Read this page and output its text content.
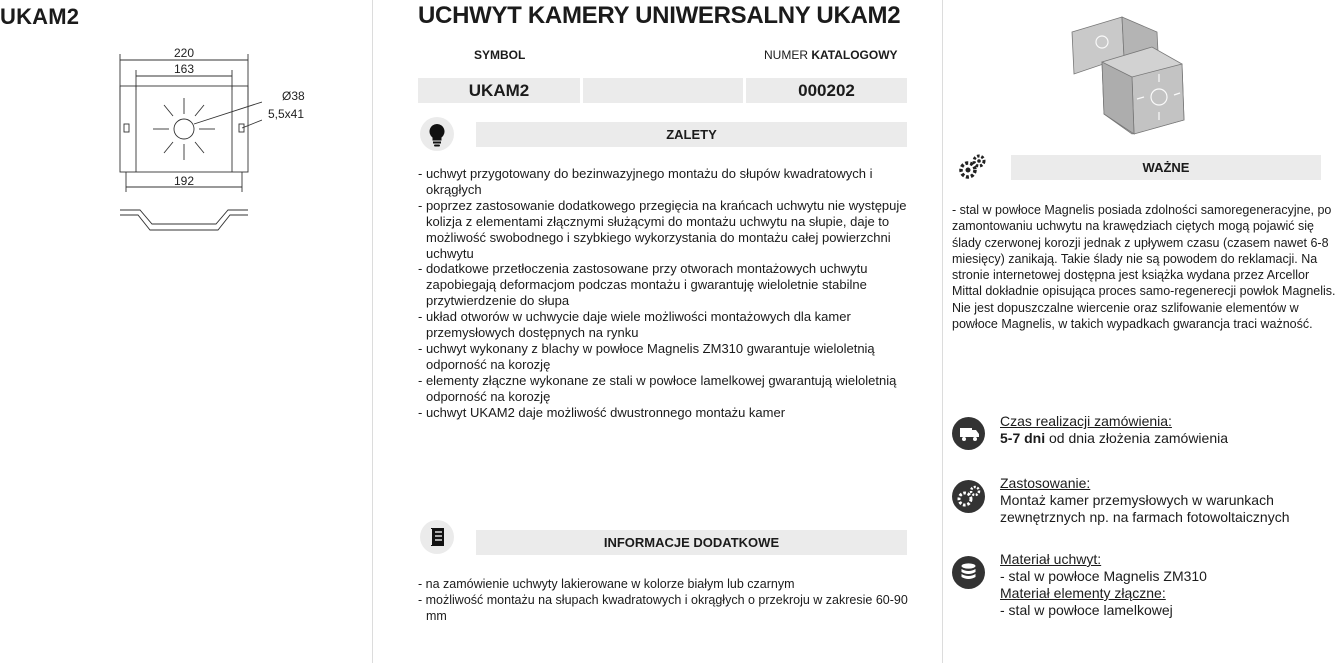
UKAM2
220
163
192
Ø38
5,5x41
UCHWYT KAMERY UNIWERSALNY UKAM2
SYMBOL	NUMER KATALOGOWY
UKAM2	000202
ZALETY
- uchwyt przygotowany do bezinwazyjnego montażu do słupów kwadratowych i okrągłych
- poprzez zastosowanie dodatkowego przegięcia na krańcach uchwytu nie występuje kolizja z elementami złącznymi służącymi do montażu uchwytu na słupie, daje to możliwość swobodnego i szybkiego wykorzystania do montażu całej powierzchni uchwytu
- dodatkowe przetłoczenia zastosowane przy otworach montażowych uchwytu zapobiegają deformacjom podczas montażu i gwarantuję wieloletnie stabilne przytwierdzenie do słupa
- układ otworów w uchwycie daje wiele możliwości montażowych dla kamer przemysłowych dostępnych na rynku
- uchwyt wykonany z blachy w powłoce Magnelis ZM310 gwarantuje wieloletnią odporność na korozję
- elementy złączne wykonane ze stali w powłoce lamelkowej gwarantują wieloletnią odporność na korozję
- uchwyt UKAM2 daje możliwość dwustronnego montażu kamer
INFORMACJE DODATKOWE
- na zamówienie uchwyty lakierowane w kolorze białym lub czarnym
- możliwość montażu na słupach kwadratowych i okrągłych o przekroju w zakresie 60-90 mm
WAŻNE
- stal w powłoce Magnelis posiada zdolności samoregeneracyjne, po zamontowaniu uchwytu na krawędziach ciętych mogą pojawić się ślady czerwonej korozji jednak z upływem czasu (czasem nawet 6-8 miesięcy) zanikają. Takie ślady nie są powodem do reklamacji. Na stronie internetowej dostępna jest książka wydana przez Arcellor Mittal dokładnie opisująca proces samo-regenerecji powłok Magnelis. Nie jest dopuszczalne wiercenie oraz szlifowanie elementów w powłoce Magnelis, w takich wypadkach gwarancja traci ważność.
Czas realizacji zamówienia:
5-7 dni od dnia złożenia zamówienia
Zastosowanie:
Montaż kamer przemysłowych w warunkach
zewnętrznych np. na farmach fotowoltaicznych
Materiał uchwyt:
- stal w powłoce Magnelis ZM310
Materiał elementy złączne:
- stal w powłoce lamelkowej
